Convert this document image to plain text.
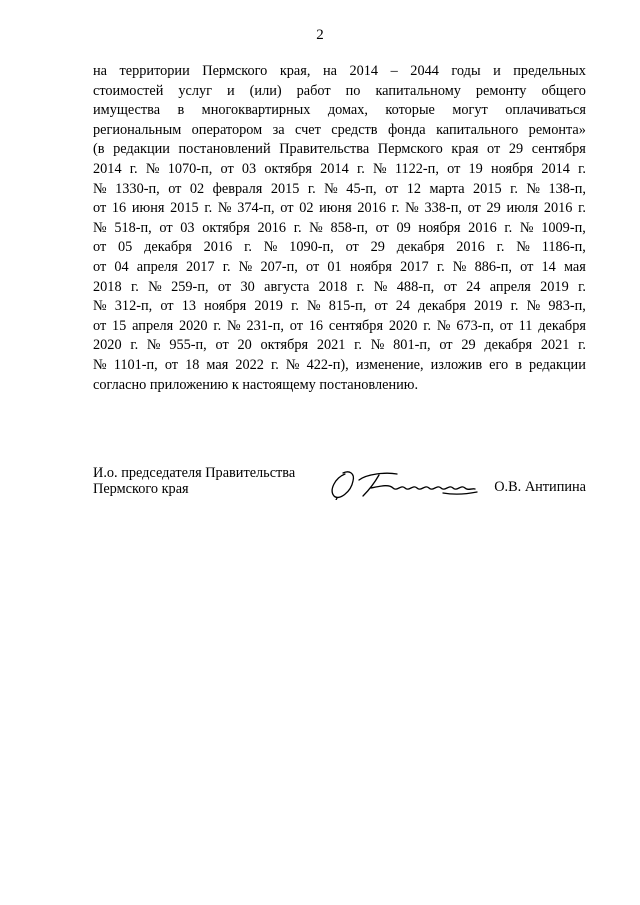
2
на территории Пермского края, на 2014 – 2044 годы и предельных
стоимостей услуг и (или) работ по капитальному ремонту общего
имущества в многоквартирных домах, которые могут оплачиваться
региональным оператором за счет средств фонда капитального ремонта»
(в редакции постановлений Правительства Пермского края от 29 сентября
2014 г. № 1070-п, от 03 октября 2014 г. № 1122-п, от 19 ноября 2014 г.
№ 1330-п, от 02 февраля 2015 г. № 45-п, от 12 марта 2015 г. № 138-п,
от 16 июня 2015 г. № 374-п, от 02 июня 2016 г. № 338-п, от 29 июля 2016 г.
№ 518-п, от 03 октября 2016 г. № 858-п, от 09 ноября 2016 г. № 1009-п,
от 05 декабря 2016 г. № 1090-п, от 29 декабря 2016 г. № 1186-п,
от 04 апреля 2017 г. № 207-п, от 01 ноября 2017 г. № 886-п, от 14 мая
2018 г. № 259-п, от 30 августа 2018 г. № 488-п, от 24 апреля 2019 г.
№ 312-п, от 13 ноября 2019 г. № 815-п, от 24 декабря 2019 г. № 983-п,
от 15 апреля 2020 г. № 231-п, от 16 сентября 2020 г. № 673-п, от 11 декабря
2020 г. № 955-п, от 20 октября 2021 г. № 801-п, от 29 декабря 2021 г.
№ 1101-п, от 18 мая 2022 г. № 422-п), изменение, изложив его в редакции
согласно
приложению
к
настоящему
постановлению.
И.о. председателя Правительства
Пермского края	О.В. Антипина
